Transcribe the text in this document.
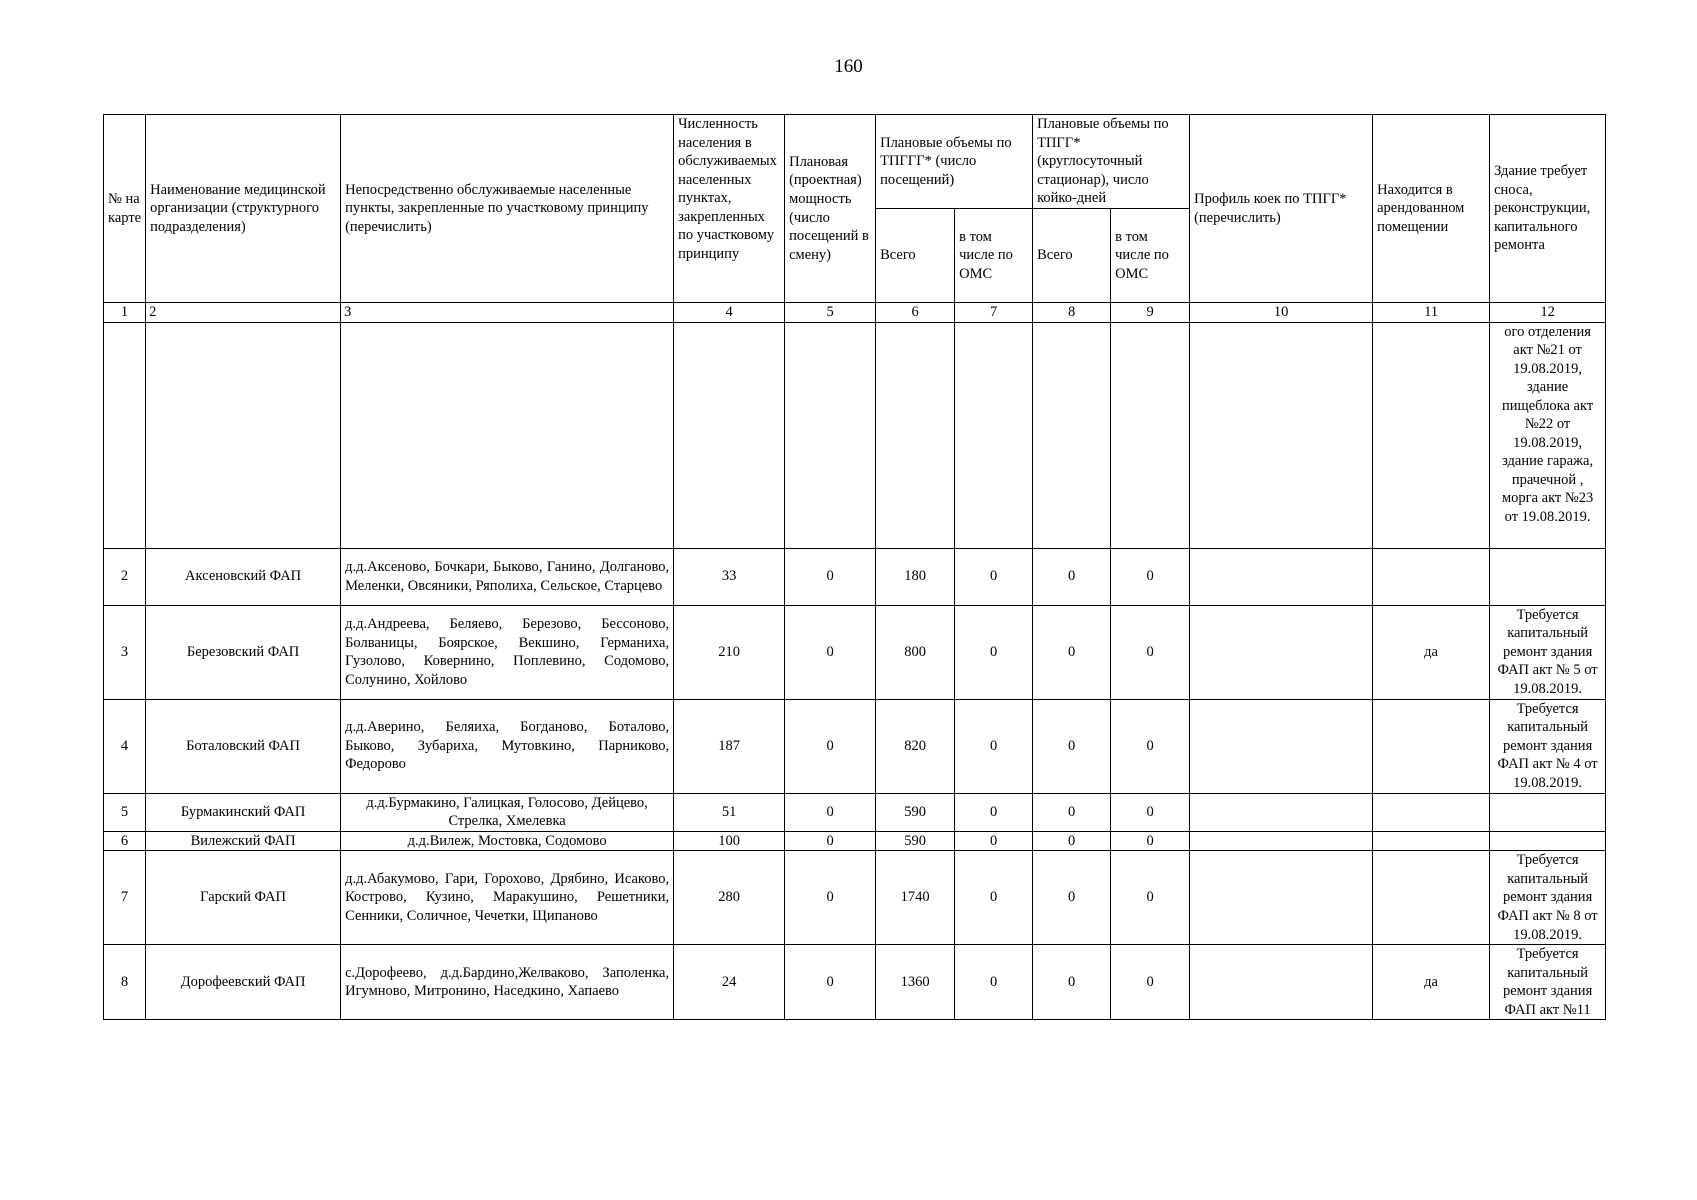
160
№ на карте	Наименование медицинской организации (структурного подразделения)	Непосредственно обслуживаемые населенные пункты, закрепленные по участковому принципу (перечислить)	Численность населения в обслуживаемых населенных пунктах, закрепленных по участковому принципу	Плановая (проектная) мощность (число посещений в смену)	Плановые объемы по ТПГГГ* (число посещений)		Плановые объемы по ТПГГ* (круглосуточный стационар), число койко-дней		Профиль коек по ТПГГ* (перечислить)	Находится в арендованном помещении	Здание требует сноса, реконструкции, капитального ремонта
					Всего	в том числе по ОМС	Всего	в том числе по ОМС			
1	2	3	4	5	6	7	8	9	10	11	12
											ого отделения акт №21 от 19.08.2019, здание пищеблока акт №22 от 19.08.2019, здание гаража, прачечной , морга акт №23 от 19.08.2019.
2	Аксеновский ФАП	д.д.Аксеново, Бочкари, Быково, Ганино, Долганово, Меленки, Овсяники, Ряполиха, Сельское, Старцево	33	0	180	0	0	0			
3	Березовский ФАП	д.д.Андреева, Беляево, Березово, Бессоново, Болваницы, Боярское, Векшино, Германиха, Гузолово, Ковернино, Поплевино, Содомово, Солунино, Хойлово	210	0	800	0	0	0		да	Требуется капитальный ремонт здания ФАП акт № 5 от 19.08.2019.
4	Боталовский ФАП	д.д.Аверино, Беляиха, Богданово, Боталово, Быково, Зубариха, Мутовкино, Парниково, Федорово	187	0	820	0	0	0			Требуется капитальный ремонт здания ФАП акт № 4 от 19.08.2019.
5	Бурмакинский ФАП	д.д.Бурмакино, Галицкая, Голосово, Дейцево, Стрелка, Хмелевка	51	0	590	0	0	0			
6	Вилежский ФАП	д.д.Вилеж, Мостовка, Содомово	100	0	590	0	0	0			
7	Гарский ФАП	д.д.Абакумово, Гари, Горохово, Дрябино, Исаково, Кострово, Кузино, Маракушино, Решетники, Сенники, Соличное, Чечетки, Щипаново	280	0	1740	0	0	0			Требуется капитальный ремонт здания ФАП акт № 8 от 19.08.2019.
8	Дорофеевский ФАП	с.Дорофеево, д.д.Бардино,Желваково, Заполенка, Игумново, Митронино, Наседкино, Хапаево	24	0	1360	0	0	0		да	Требуется капитальный ремонт здания ФАП акт №11
